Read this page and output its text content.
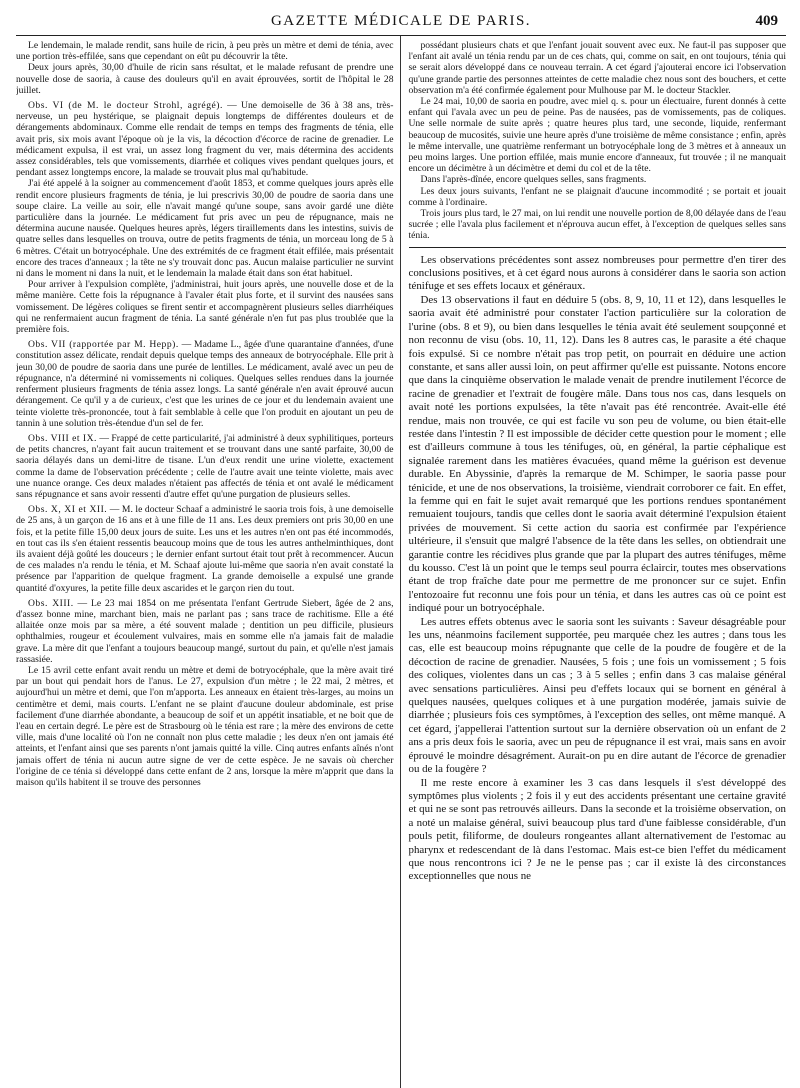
GAZETTE MÉDICALE DE PARIS.	409

Le lendemain, le malade rendit, sans huile de ricin, à peu près un mètre et demi de ténia, avec une portion très-effilée, sans que cependant on eût pu découvrir la tête.

Deux jours après, 30,00 d'huile de ricin sans résultat, et le malade refusant de prendre une nouvelle dose de saoria, à cause des douleurs qu'il en avait éprouvées, sortit de l'hôpital le 28 juillet.

Obs. VI (de M. le docteur Strohl, agrégé). — Une demoiselle de 36 à 38 ans, très-nerveuse, un peu hystérique, se plaignait depuis longtemps de différentes douleurs et de dérangements abdominaux. Comme elle rendait de temps en temps des fragments de ténia, elle avait pris, six mois avant l'époque où je la vis, la décoction d'écorce de racine de grenadier. Le médicament expulsa, il est vrai, un assez long fragment du ver, mais détermina des accidents assez considérables, tels que vomissements, diarrhée et coliques vives pendant quelques jours, et pendant assez longtemps encore, la malade se trouvait plus mal qu'habitude.

J'ai été appelé à la soigner au commencement d'août 1853, et comme quelques jours après elle rendit encore plusieurs fragments de ténia, je lui prescrivis 30,00 de poudre de saoria dans une soupe claire. La veille au soir, elle n'avait mangé qu'une soupe, sans avoir gardé une diète particulière dans la journée. Le médicament fut pris avec un peu de répugnance, mais ne détermina aucune nausée. Quelques heures après, légers tiraillements dans les intestins, suivis de quatre selles dans lesquelles on trouva, outre de petits fragments de ténia, un morceau long de 5 à 6 mètres. C'était un botryocéphale. Une des extrémités de ce fragment était effilée, mais présentait encore des traces d'anneaux ; la tête ne s'y trouvait donc pas. Aucun malaise particulier ne survint ni dans le moment ni dans la nuit, et le lendemain la malade était dans son état habituel.

Pour arriver à l'expulsion complète, j'administrai, huit jours après, une nouvelle dose et de la même manière. Cette fois la répugnance à l'avaler était plus forte, et il survint des nausées sans vomissement. De légères coliques se firent sentir et accompagnèrent plusieurs selles diarrhéiques qui ne renfermaient aucun fragment de ténia. La santé générale n'en fut pas plus troublée que la première fois.

Obs. VII (rapportée par M. Hepp). — Madame L., âgée d'une quarantaine d'années, d'une constitution assez délicate, rendait depuis quelque temps des anneaux de botryocéphale. Elle prit à jeun 30,00 de poudre de saoria dans une purée de lentilles. Le médicament, avalé avec un peu de répugnance, n'a déterminé ni vomissements ni coliques. Quelques selles rendues dans la journée renferment plusieurs fragments de ténia assez longs. La santé générale n'en avait éprouvé aucun dérangement. Ce qu'il y a de curieux, c'est que les urines de ce jour et du lendemain avaient une teinte violette très-prononcée, tout à fait semblable à celle que l'on produit en ajoutant un peu de tannin à une solution très-étendue d'un sel de fer.

Obs. VIII et IX. — Frappé de cette particularité, j'ai administré à deux syphilitiques, porteurs de petits chancres, n'ayant fait aucun traitement et se trouvant dans une santé parfaite, 30,00 de saoria délayés dans un demi-litre de tisane. L'un d'eux rendit une urine violette, exactement comme la dame de l'observation précédente ; celle de l'autre avait une teinte violette, mais avec une nuance orange. Ces deux malades n'étaient pas affectés de ténia et ont avalé le médicament sans répugnance et sans avoir ressenti d'autre effet qu'une purgation de plusieurs selles.

Obs. X, XI et XII. — M. le docteur Schaaf a administré le saoria trois fois, à une demoiselle de 25 ans, à un garçon de 16 ans et à une fille de 11 ans. Les deux premiers ont pris 30,00 en une fois, et la petite fille 15,00 deux jours de suite. Les uns et les autres n'en ont pas été incommodés, en tout cas ils s'en étaient ressentis beaucoup moins que de tous les autres anthelminthiques, dont ils avaient déjà goûté les douceurs ; le dernier enfant surtout était tout prêt à recommencer. Aucun de ces malades n'a rendu le ténia, et M. Schaaf ajoute lui-même que saoria n'en avait constaté la présence par l'apparition de quelque fragment. La grande demoiselle a expulsé une grande quantité d'oxyures, la petite fille deux ascarides et le garçon rien du tout.

Obs. XIII. — Le 23 mai 1854 on me présentata l'enfant Gertrude Siebert, âgée de 2 ans, d'assez bonne mine, marchant bien, mais ne parlant pas ; sans trace de rachitisme. Elle a été allaitée onze mois par sa mère, a été souvent malade ; dentition un peu difficile, plusieurs ophthalmies, rougeur et écoulement vulvaires, mais en somme elle n'a jamais fait de maladie grave. La mère dit que l'enfant a toujours beaucoup mangé, surtout du pain, et qu'elle n'est jamais rassasiée.

Le 15 avril cette enfant avait rendu un mètre et demi de botryocéphale, que la mère avait tiré par un bout qui pendait hors de l'anus. Le 27, expulsion d'un mètre ; le 22 mai, 2 mètres, et aujourd'hui un mètre et demi, que l'on m'apporta. Les anneaux en étaient très-larges, au moins un centimètre et demi, mais courts. L'enfant ne se plaint d'aucune douleur abdominale, est prise facilement d'une diarrhée abondante, a beaucoup de soif et un appétit insatiable, et ne boit que de l'eau en certain degré. Le père est de Strasbourg où le ténia est rare ; la mère des environs de cette ville, mais d'une localité où l'on ne connaît non plus cette maladie ; les deux n'en ont jamais été atteints, et l'enfant ainsi que ses parents n'ont jamais quitté la ville. Cinq autres enfants aînés n'ont jamais offert de ténia ni aucun autre signe de ver de cette espèce. Je ne savais où chercher l'origine de ce ténia si développé dans cette enfant de 2 ans, lorsque la mère m'apprit que dans la maison qu'ils habitent il se trouve des personnes

possédant plusieurs chats et que l'enfant jouait souvent avec eux. Ne faut-il pas supposer que l'enfant ait avalé un ténia rendu par un de ces chats, qui, comme on sait, en ont toujours, ténia qui se serait alors développé dans ce nouveau terrain. A cet égard j'ajouterai encore ici l'observation qu'une grande partie des personnes atteintes de cette maladie chez nous sont des bouchers, et cette observation m'a été confirmée également pour Mulhouse par M. le docteur Stackler.

Le 24 mai, 10,00 de saoria en poudre, avec miel q. s. pour un électuaire, furent donnés à cette enfant qui l'avala avec un peu de peine. Pas de nausées, pas de vomissements, pas de coliques. Une selle normale de suite après ; quatre heures plus tard, une seconde, liquide, renfermant beaucoup de mucosités, suivie une heure après d'une troisième de même consistance ; enfin, après le même intervalle, une quatrième renfermant un botryocéphale long de 3 mètres et à anneaux un peu moins larges. Une portion effilée, mais munie encore d'anneaux, fut trouvée ; il ne manquait encore un décimètre à un décimètre et demi du col et de la tête.

Dans l'après-dînée, encore quelques selles, sans fragments.

Les deux jours suivants, l'enfant ne se plaignait d'aucune incommodité ; se portait et jouait comme à l'ordinaire.

Trois jours plus tard, le 27 mai, on lui rendit une nouvelle portion de 8,00 délayée dans de l'eau sucrée ; elle l'avala plus facilement et n'éprouva aucun effet, à l'exception de quelques selles sans ténia.

Les observations précédentes sont assez nombreuses pour permettre d'en tirer des conclusions positives, et à cet égard nous aurons à considérer dans le saoria son action ténifuge et ses effets locaux et généraux.

Des 13 observations il faut en déduire 5 (obs. 8, 9, 10, 11 et 12), dans lesquelles le saoria avait été administré pour constater l'action particulière sur la coloration de l'urine (obs. 8 et 9), ou bien dans lesquelles le ténia avait été seulement soupçonné et non reconnu de visu (obs. 10, 11, 12). Dans les 8 autres cas, le parasite a été chaque fois expulsé. Si ce nombre n'était pas trop petit, on pourrait en déduire une action constante, et sans aller aussi loin, on peut affirmer qu'elle est puissante. Notons encore que dans la cinquième observation le malade venait de prendre inutilement l'écorce de racine de grenadier et l'extrait de fougère mâle. Dans tous nos cas, dans lesquels on avait noté les portions expulsées, la tête n'avait pas été rencontrée. Avait-elle été rendue, mais non trouvée, ce qui est facile vu son peu de volume, ou bien était-elle restée dans l'intestin ? Il est impossible de décider cette question pour le moment ; elle est d'ailleurs commune à tous les ténifuges, où, en général, la partie céphalique est signalée rarement dans les matières évacuées, quand même la guérison est devenue durable. En Abyssinie, d'après la remarque de M. Schimper, le saoria passe pour ténicide, et une de nos observations, la troisième, viendrait corroborer ce fait. En effet, la femme qui en fait le sujet avait remarqué que les portions rendues spontanément remuaient toujours, tandis que celles dont le saoria avait déterminé l'expulsion étaient privées de mouvement. Si cette action du saoria est confirmée par l'expérience ultérieure, il s'ensuit que malgré l'absence de la tête dans les selles, on obtiendrait une garantie contre les récidives plus grande que par la plupart des autres ténifuges, même du kousso. C'est là un point que le temps seul pourra éclaircir, toutes mes observations étant de trop fraîche date pour me permettre de me prononcer sur ce sujet. Enfin l'entozoaire fut reconnu une fois pour un ténia, et dans les autres cas où ce point est indiqué pour un botryocéphale.

Les autres effets obtenus avec le saoria sont les suivants : Saveur désagréable pour les uns, néanmoins facilement supportée, peu marquée chez les autres ; dans tous les cas, elle est beaucoup moins répugnante que celle de la poudre de fougère et de la décoction de racine de grenadier. Nausées, 5 fois ; une fois un vomissement ; 5 fois des coliques, violentes dans un cas ; 3 à 5 selles ; enfin dans 3 cas malaise général avec sensations particulières. Ainsi peu d'effets locaux qui se bornent en général à quelques nausées, quelques coliques et à une purgation modérée, jamais suivie de diarrhée ; plusieurs fois ces symptômes, à l'exception des selles, ont même manqué. A cet égard, j'appellerai l'attention surtout sur la dernière observation où un enfant de 2 ans a pris deux fois le saoria, avec un peu de répugnance il est vrai, mais sans en avoir éprouvé le moindre désagrément. Aurait-on pu en dire autant de l'écorce de grenadier ou de la fougère ?

Il me reste encore à examiner les 3 cas dans lesquels il s'est développé des symptômes plus violents ; 2 fois il y eut des accidents présentant une certaine gravité et qui ne se sont pas retrouvés ailleurs. Dans la seconde et la troisième observation, on a noté un malaise général, suivi beaucoup plus tard d'une faiblesse considérable, d'un pouls petit, filiforme, de douleurs rongeantes allant alternativement de l'estomac au pharynx et redescendant de là dans l'estomac. Mais est-ce bien l'effet du médicament que nous rencontrons ici ? Je ne le pense pas ; car il existe là des circonstances exceptionnelles que nous ne
